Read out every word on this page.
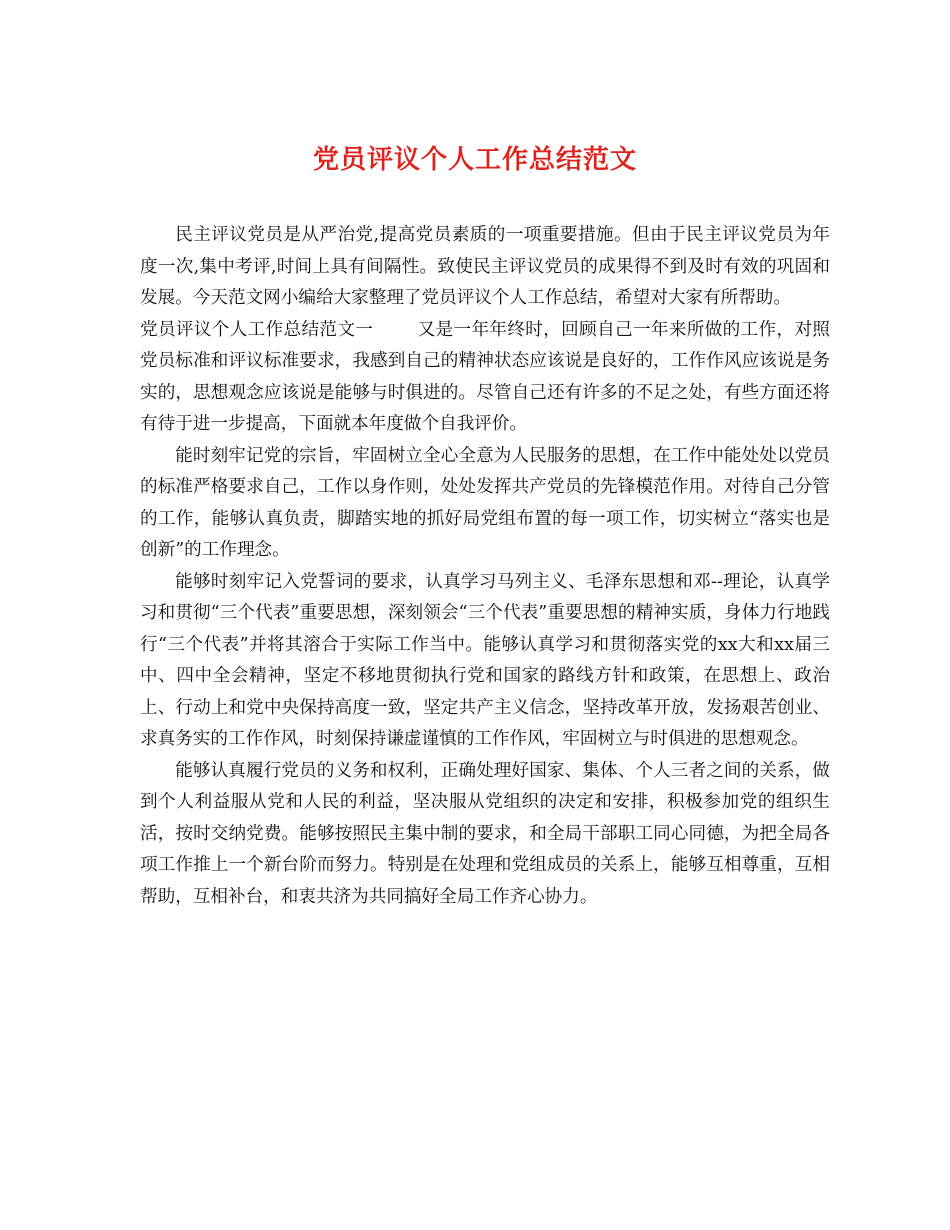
党员评议个人工作总结范文

民主评议党员是从严治党,提高党员素质的一项重要措施。但由于民主评议党员为年度一次,集中考评,时间上具有间隔性。致使民主评议党员的成果得不到及时有效的巩固和发展。今天范文网小编给大家整理了党员评议个人工作总结，希望对大家有所帮助。

党员评议个人工作总结范文一	又是一年年终时，回顾自己一年来所做的工作，对照党员标准和评议标准要求，我感到自己的精神状态应该说是良好的，工作作风应该说是务实的，思想观念应该说是能够与时俱进的。尽管自己还有许多的不足之处，有些方面还将有待于进一步提高，下面就本年度做个自我评价。

能时刻牢记党的宗旨，牢固树立全心全意为人民服务的思想，在工作中能处处以党员的标准严格要求自己，工作以身作则，处处发挥共产党员的先锋模范作用。对待自己分管的工作，能够认真负责，脚踏实地的抓好局党组布置的每一项工作，切实树立“落实也是创新”的工作理念。

能够时刻牢记入党誓词的要求，认真学习马列主义、毛泽东思想和邓--理论，认真学习和贯彻“三个代表”重要思想，深刻领会“三个代表”重要思想的精神实质，身体力行地践行“三个代表”并将其溶合于实际工作当中。能够认真学习和贯彻落实党的xx大和xx届三中、四中全会精神，坚定不移地贯彻执行党和国家的路线方针和政策，在思想上、政治上、行动上和党中央保持高度一致，坚定共产主义信念，坚持改革开放，发扬艰苦创业、求真务实的工作作风，时刻保持谦虚谨慎的工作作风，牢固树立与时俱进的思想观念。

能够认真履行党员的义务和权利，正确处理好国家、集体、个人三者之间的关系，做到个人利益服从党和人民的利益，坚决服从党组织的决定和安排，积极参加党的组织生活，按时交纳党费。能够按照民主集中制的要求，和全局干部职工同心同德，为把全局各项工作推上一个新台阶而努力。特别是在处理和党组成员的关系上，能够互相尊重，互相帮助，互相补台，和衷共济为共同搞好全局工作齐心协力。
